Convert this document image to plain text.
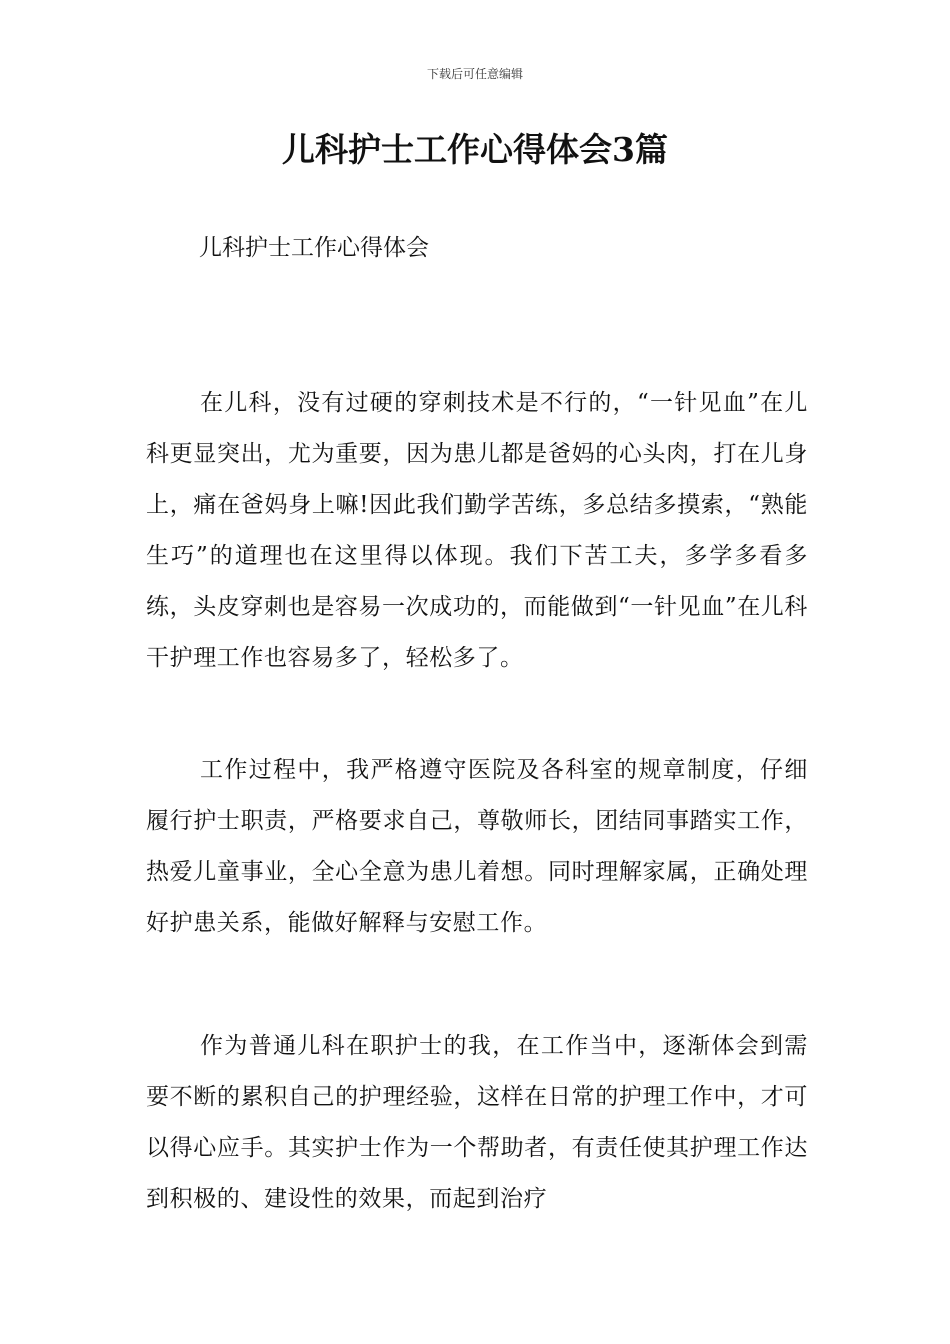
下载后可任意编辑
儿科护士工作心得体会3篇
儿科护士工作心得体会

在儿科，没有过硬的穿刺技术是不行的，“一针见血”在儿科更显突出，尤为重要，因为患儿都是爸妈的心头肉，打在儿身上，痛在爸妈身上嘛!因此我们勤学苦练，多总结多摸索，“熟能生巧”的道理也在这里得以体现。我们下苦工夫，多学多看多练，头皮穿刺也是容易一次成功的，而能做到“一针见血”在儿科干护理工作也容易多了，轻松多了。

工作过程中，我严格遵守医院及各科室的规章制度，仔细履行护士职责，严格要求自己，尊敬师长，团结同事踏实工作，热爱儿童事业，全心全意为患儿着想。同时理解家属，正确处理好护患关系，能做好解释与安慰工作。

作为普通儿科在职护士的我，在工作当中，逐渐体会到需要不断的累积自己的护理经验，这样在日常的护理工作中，才可以得心应手。其实护士作为一个帮助者，有责任使其护理工作达到积极的、建设性的效果，而起到治疗
